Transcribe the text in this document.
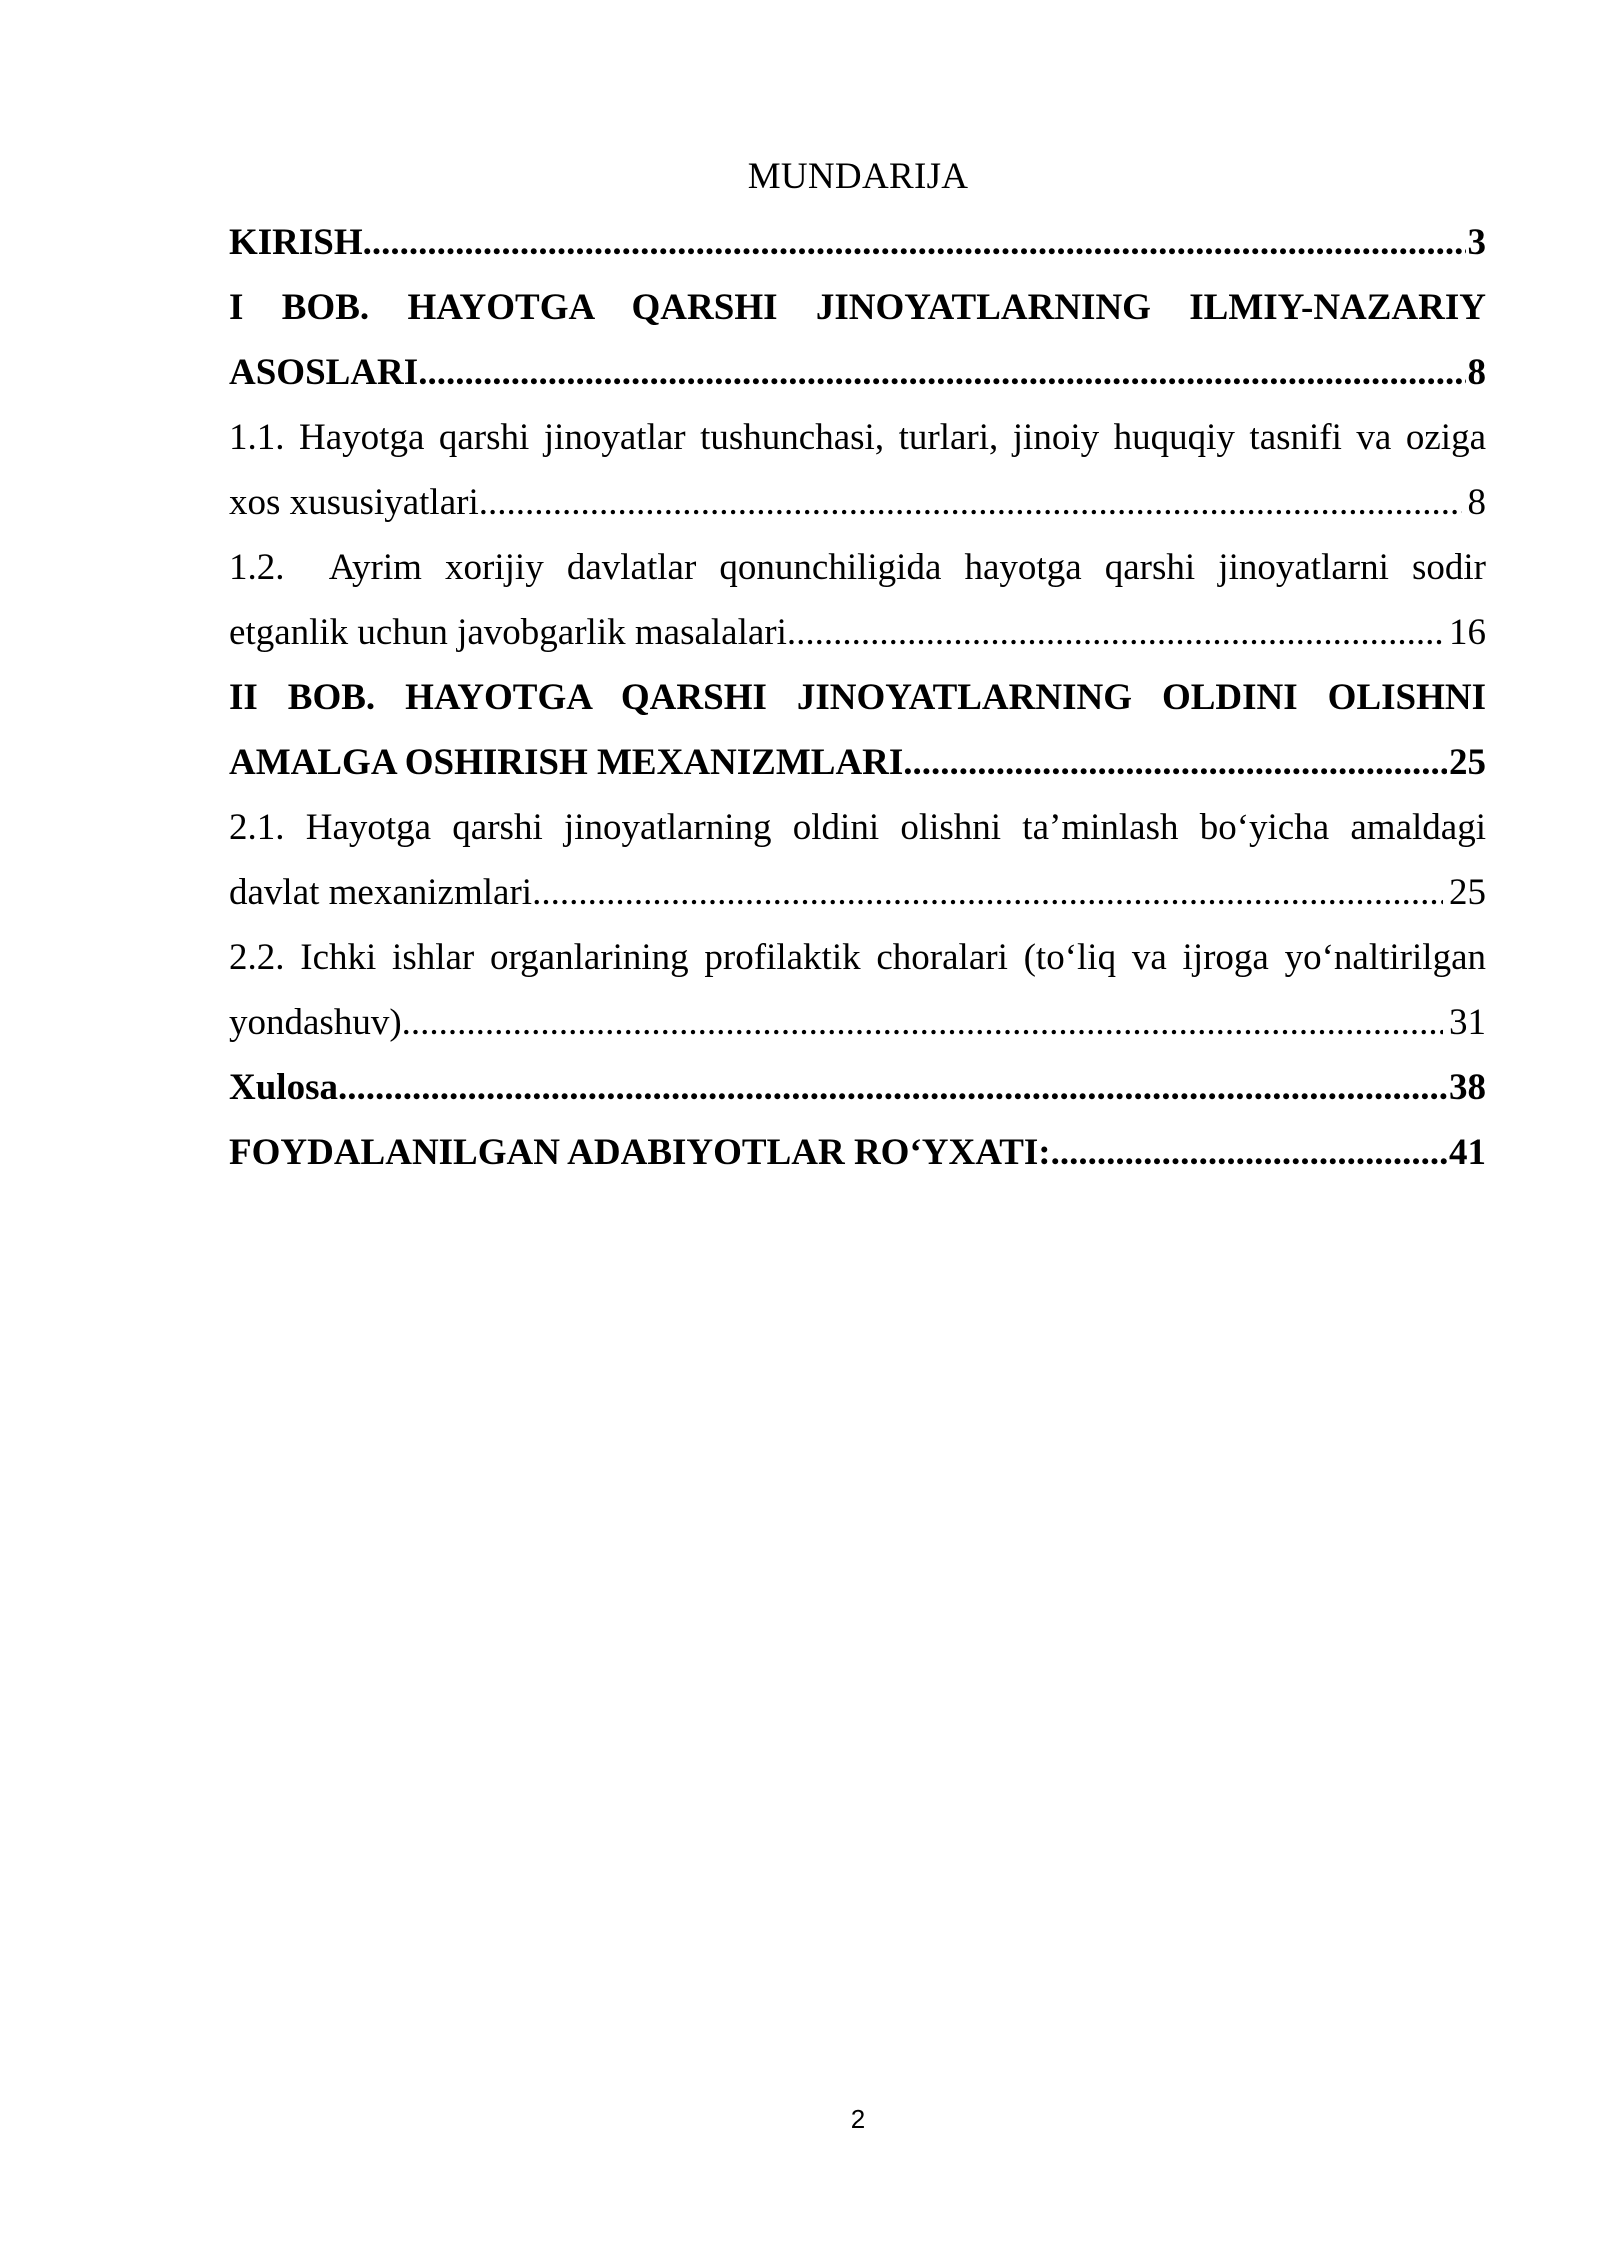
MUNDARIJA
KIRISH .....	3
I BOB. HAYOTGA QARSHI JINOYATLARNING ILMIY-NAZARIY
ASOSLARI .....	8
1.1. Hayotga qarshi jinoyatlar tushunchasi, turlari, jinoiy huquqiy tasnifi va oziga
xos xususiyatlari .....	8
1.2.  Ayrim xorijiy davlatlar qonunchiligida hayotga qarshi jinoyatlarni sodir
etganlik uchun javobgarlik masalalari .....	16
II BOB. HAYOTGA QARSHI JINOYATLARNING OLDINI OLISHNI
AMALGA OSHIRISH MEXANIZMLARI .....	25
2.1. Hayotga qarshi jinoyatlarning oldini olishni ta’minlash bo‘yicha amaldagi
davlat mexanizmlari .....	25
2.2. Ichki ishlar organlarining profilaktik choralari (to‘liq va ijroga yo‘naltirilgan
yondashuv) .....	31
Xulosa .....	38
FOYDALANILGAN ADABIYOTLAR RO‘YXATI: .....	41
2
